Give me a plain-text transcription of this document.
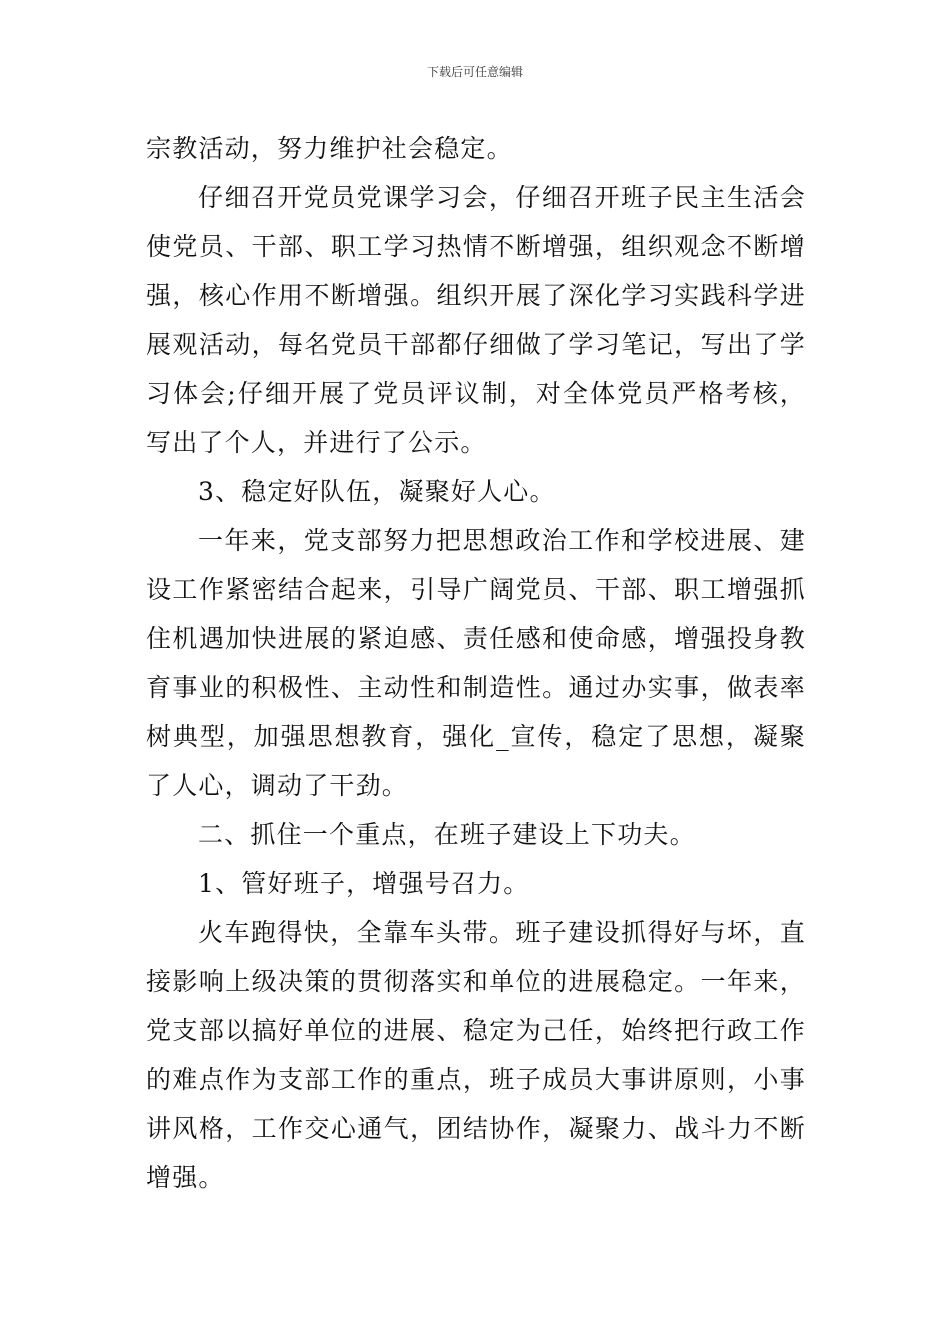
下载后可任意编辑

宗教活动，努力维护社会稳定。

仔细召开党员党课学习会，仔细召开班子民主生活会使党员、干部、职工学习热情不断增强，组织观念不断增强，核心作用不断增强。组织开展了深化学习实践科学进展观活动，每名党员干部都仔细做了学习笔记，写出了学习体会;仔细开展了党员评议制，对全体党员严格考核，写出了个人，并进行了公示。

3、稳定好队伍，凝聚好人心。

一年来，党支部努力把思想政治工作和学校进展、建设工作紧密结合起来，引导广阔党员、干部、职工增强抓住机遇加快进展的紧迫感、责任感和使命感，增强投身教育事业的积极性、主动性和制造性。通过办实事，做表率树典型，加强思想教育，强化_宣传，稳定了思想，凝聚了人心，调动了干劲。

二、抓住一个重点，在班子建设上下功夫。

1、管好班子，增强号召力。

火车跑得快，全靠车头带。班子建设抓得好与坏，直接影响上级决策的贯彻落实和单位的进展稳定。一年来，党支部以搞好单位的进展、稳定为己任，始终把行政工作的难点作为支部工作的重点，班子成员大事讲原则，小事讲风格，工作交心通气，团结协作，凝聚力、战斗力不断增强。
